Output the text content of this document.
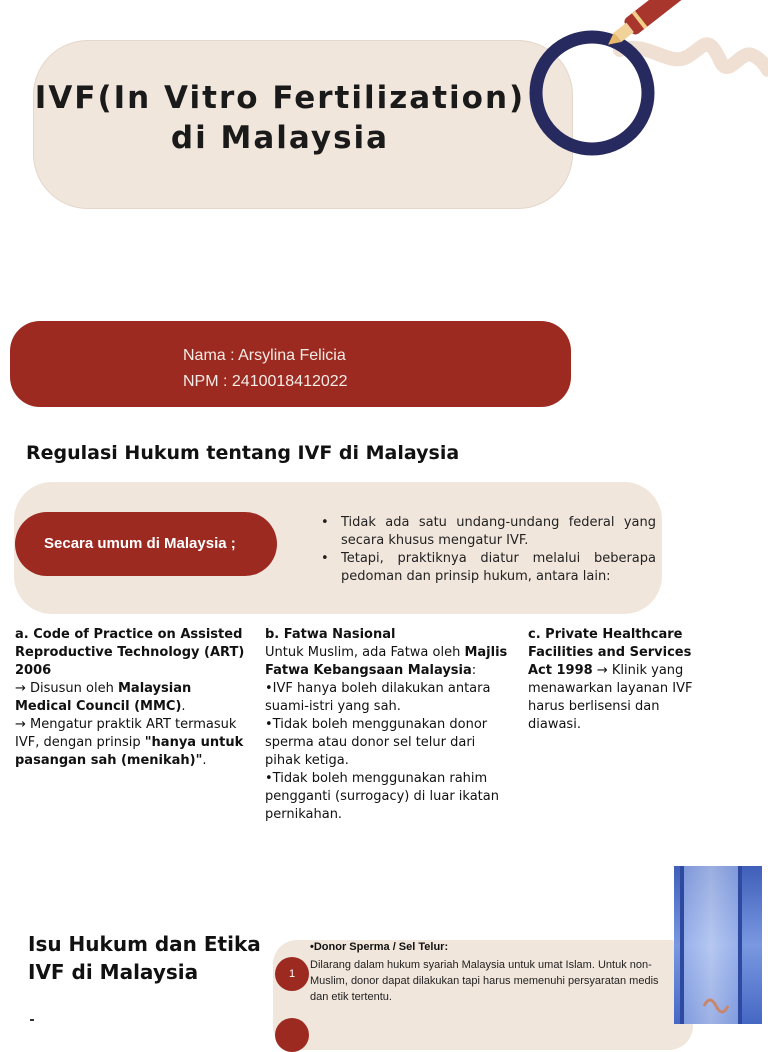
IVF(In Vitro Fertilization)
di Malaysia
Nama : Arsylina Felicia
NPM : 2410018412022
Regulasi Hukum tentang IVF di Malaysia
Secara umum di Malaysia ;
• Tidak ada satu undang-undang federal yang secara khusus mengatur IVF.
• Tetapi, praktiknya diatur melalui beberapa pedoman dan prinsip hukum, antara lain:

a. Code of Practice on Assisted Reproductive Technology (ART) 2006

→ Disusun oleh Malaysian Medical Council (MMC).

→ Mengatur praktik ART termasuk IVF, dengan prinsip "hanya untuk pasangan sah (menikah)".

b. Fatwa Nasional

Untuk Muslim, ada Fatwa oleh Majlis Fatwa Kebangsaan Malaysia:

•IVF hanya boleh dilakukan antara suami-istri yang sah.

•Tidak boleh menggunakan donor sperma atau donor sel telur dari pihak ketiga.

•Tidak boleh menggunakan rahim pengganti (surrogacy) di luar ikatan pernikahan.

c. Private Healthcare Facilities and Services Act 1998 → Klinik yang menawarkan layanan IVF harus berlisensi dan diawasi.

Isu Hukum dan Etika
IVF di Malaysia	1
•Donor Sperma / Sel Telur:
Dilarang dalam hukum syariah Malaysia untuk umat Islam. Untuk non-Muslim, donor dapat dilakukan tapi harus memenuhi persyaratan medis dan etik tertentu.
